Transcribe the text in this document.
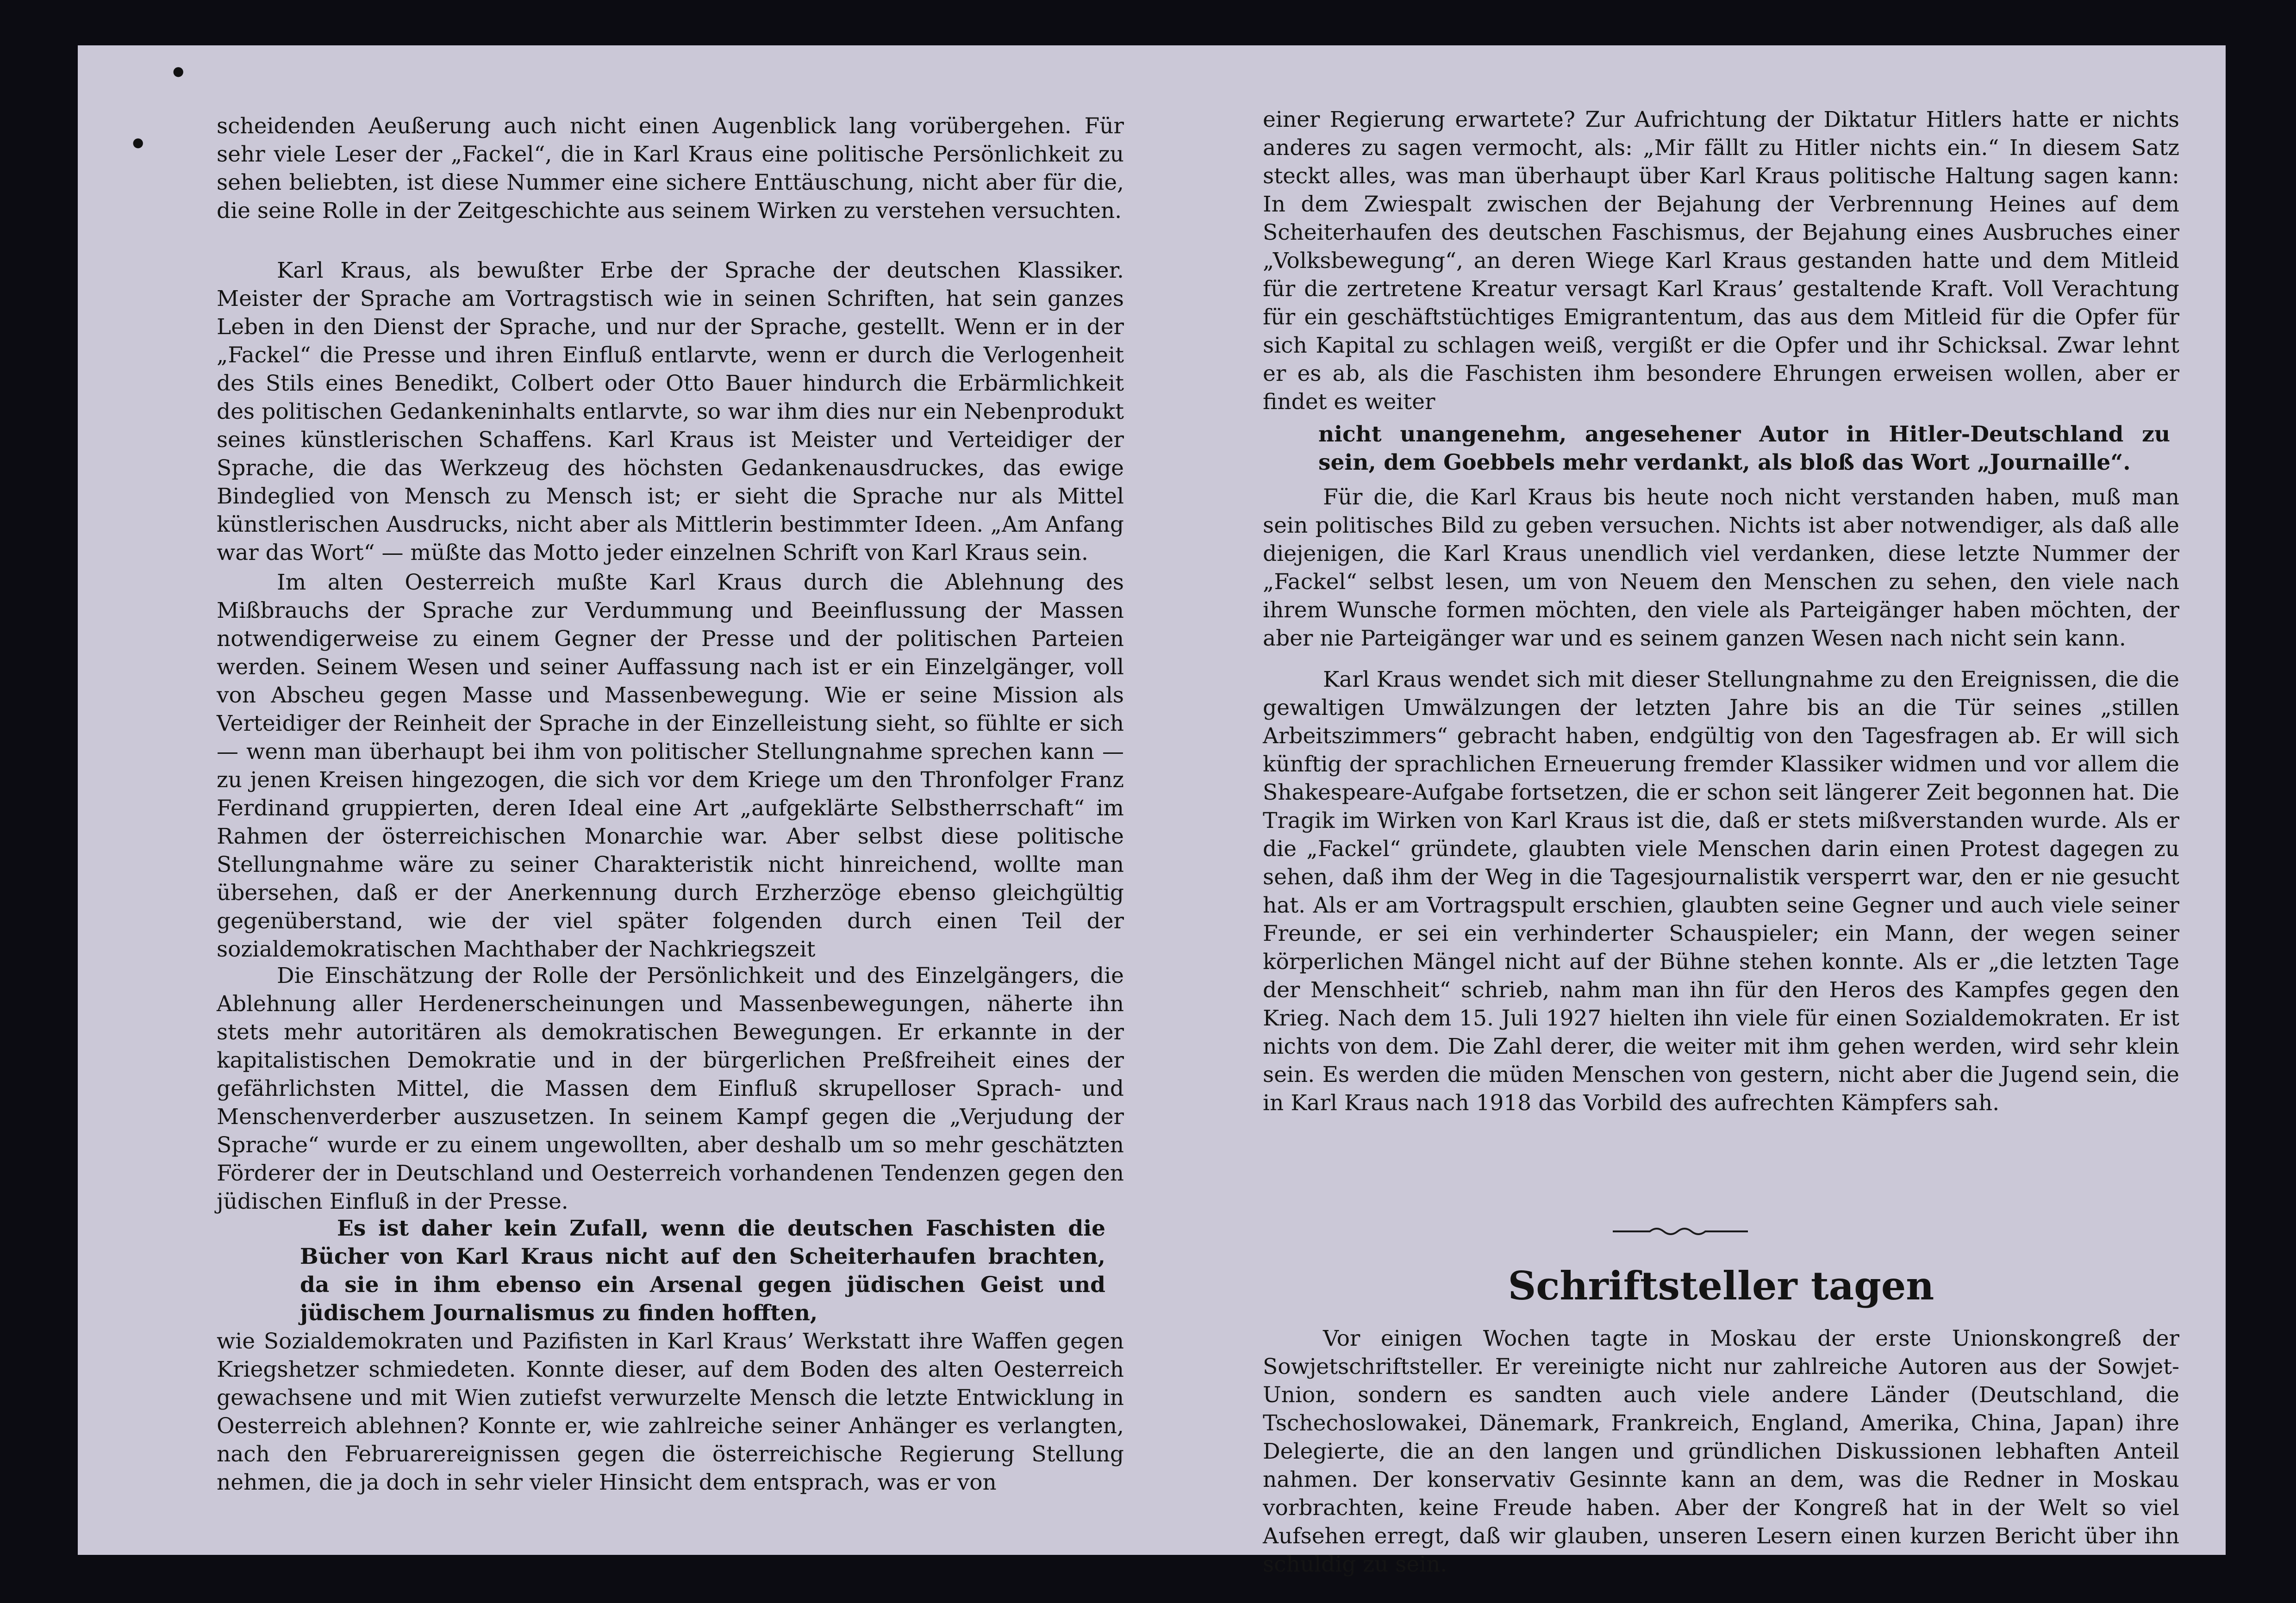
●
●

scheidenden Aeußerung auch nicht einen Augenblick lang vorübergehen. Für sehr viele Leser der „Fackel“, die in Karl Kraus eine politische Persönlichkeit zu sehen beliebten, ist diese Nummer eine sichere Enttäuschung, nicht aber für die, die seine Rolle in der Zeitgeschichte aus seinem Wirken zu verstehen versuchten.

Karl Kraus, als bewußter Erbe der Sprache der deutschen Klassiker. Meister der Sprache am Vortragstisch wie in seinen Schriften, hat sein ganzes Leben in den Dienst der Sprache, und nur der Sprache, gestellt. Wenn er in der „Fackel“ die Presse und ihren Einfluß entlarvte, wenn er durch die Verlogenheit des Stils eines Benedikt, Colbert oder Otto Bauer hindurch die Erbärmlichkeit des politischen Gedankeninhalts entlarvte, so war ihm dies nur ein Nebenprodukt seines künstlerischen Schaffens. Karl Kraus ist Meister und Verteidiger der Sprache, die das Werkzeug des höchsten Gedankenausdruckes, das ewige Bindeglied von Mensch zu Mensch ist; er sieht die Sprache nur als Mittel künstlerischen Ausdrucks, nicht aber als Mittlerin bestimmter Ideen. „Am Anfang war das Wort“ — müßte das Motto jeder einzelnen Schrift von Karl Kraus sein.

Im alten Oesterreich mußte Karl Kraus durch die Ablehnung des Mißbrauchs der Sprache zur Verdummung und Beeinflussung der Massen notwendigerweise zu einem Gegner der Presse und der politischen Parteien werden. Seinem Wesen und seiner Auffassung nach ist er ein Einzelgänger, voll von Abscheu gegen Masse und Massenbewegung. Wie er seine Mission als Verteidiger der Reinheit der Sprache in der Einzelleistung sieht, so fühlte er sich — wenn man überhaupt bei ihm von politischer Stellungnahme sprechen kann — zu jenen Kreisen hingezogen, die sich vor dem Kriege um den Thronfolger Franz Ferdinand gruppierten, deren Ideal eine Art „aufgeklärte Selbstherrschaft“ im Rahmen der österreichischen Monarchie war. Aber selbst diese politische Stellungnahme wäre zu seiner Charakteristik nicht hinreichend, wollte man übersehen, daß er der Anerkennung durch Erzherzöge ebenso gleichgültig gegenüberstand, wie der viel später folgenden durch einen Teil der sozialdemokratischen Machthaber der Nachkriegszeit

Die Einschätzung der Rolle der Persönlichkeit und des Einzelgängers, die Ablehnung aller Herdenerscheinungen und Massenbewegungen, näherte ihn stets mehr autoritären als demokratischen Bewegungen. Er erkannte in der kapitalistischen Demokratie und in der bürgerlichen Preßfreiheit eines der gefährlichsten Mittel, die Massen dem Einfluß skrupelloser Sprach- und Menschenverderber auszusetzen. In seinem Kampf gegen die „Verjudung der Sprache“ wurde er zu einem ungewollten, aber deshalb um so mehr geschätzten Förderer der in Deutschland und Oesterreich vorhandenen Tendenzen gegen den jüdischen Einfluß in der Presse.

Es ist daher kein Zufall, wenn die deutschen Faschisten die Bücher von Karl Kraus nicht auf den Scheiterhaufen brachten, da sie in ihm ebenso ein Arsenal gegen jüdischen Geist und jüdischem Journalismus zu finden hofften,

wie Sozialdemokraten und Pazifisten in Karl Kraus’ Werkstatt ihre Waffen gegen Kriegshetzer schmiedeten. Konnte dieser, auf dem Boden des alten Oesterreich gewachsene und mit Wien zutiefst verwurzelte Mensch die letzte Entwicklung in Oesterreich ablehnen? Konnte er, wie zahlreiche seiner Anhänger es verlangten, nach den Februarereignissen gegen die österreichische Regierung Stellung nehmen, die ja doch in sehr vieler Hinsicht dem entsprach, was er von

einer Regierung erwartete? Zur Aufrichtung der Diktatur Hitlers hatte er nichts anderes zu sagen vermocht, als: „Mir fällt zu Hitler nichts ein.“ In diesem Satz steckt alles, was man überhaupt über Karl Kraus politische Haltung sagen kann: In dem Zwiespalt zwischen der Bejahung der Verbrennung Heines auf dem Scheiterhaufen des deutschen Faschismus, der Bejahung eines Ausbruches einer „Volksbewegung“, an deren Wiege Karl Kraus gestanden hatte und dem Mitleid für die zertretene Kreatur versagt Karl Kraus’ gestaltende Kraft. Voll Verachtung für ein geschäftstüchtiges Emigrantentum, das aus dem Mitleid für die Opfer für sich Kapital zu schlagen weiß, vergißt er die Opfer und ihr Schicksal. Zwar lehnt er es ab, als die Faschisten ihm besondere Ehrungen erweisen wollen, aber er findet es weiter

nicht unangenehm, angesehener Autor in Hitler-Deutschland zu sein, dem Goebbels mehr verdankt, als bloß das Wort „Journaille“.

Für die, die Karl Kraus bis heute noch nicht verstanden haben, muß man sein politisches Bild zu geben versuchen. Nichts ist aber notwendiger, als daß alle diejenigen, die Karl Kraus unendlich viel verdanken, diese letzte Nummer der „Fackel“ selbst lesen, um von Neuem den Menschen zu sehen, den viele nach ihrem Wunsche formen möchten, den viele als Parteigänger haben möchten, der aber nie Parteigänger war und es seinem ganzen Wesen nach nicht sein kann.

Karl Kraus wendet sich mit dieser Stellungnahme zu den Ereignissen, die die gewaltigen Umwälzungen der letzten Jahre bis an die Tür seines „stillen Arbeitszimmers“ gebracht haben, endgültig von den Tagesfragen ab. Er will sich künftig der sprachlichen Erneuerung fremder Klassiker widmen und vor allem die Shakespeare-Aufgabe fortsetzen, die er schon seit längerer Zeit begonnen hat. Die Tragik im Wirken von Karl Kraus ist die, daß er stets mißverstanden wurde. Als er die „Fackel“ gründete, glaubten viele Menschen darin einen Protest dagegen zu sehen, daß ihm der Weg in die Tagesjournalistik versperrt war, den er nie gesucht hat. Als er am Vortragspult erschien, glaubten seine Gegner und auch viele seiner Freunde, er sei ein verhinderter Schauspieler; ein Mann, der wegen seiner körperlichen Mängel nicht auf der Bühne stehen konnte. Als er „die letzten Tage der Menschheit“ schrieb, nahm man ihn für den Heros des Kampfes gegen den Krieg. Nach dem 15. Juli 1927 hielten ihn viele für einen Sozialdemokraten. Er ist nichts von dem. Die Zahl derer, die weiter mit ihm gehen werden, wird sehr klein sein. Es werden die müden Menschen von gestern, nicht aber die Jugend sein, die in Karl Kraus nach 1918 das Vorbild des aufrechten Kämpfers sah.

Schriftsteller tagen

Vor einigen Wochen tagte in Moskau der erste Unionskongreß der Sowjetschriftsteller. Er vereinigte nicht nur zahlreiche Autoren aus der Sowjet-Union, sondern es sandten auch viele andere Länder (Deutschland, die Tschechoslowakei, Dänemark, Frankreich, England, Amerika, China, Japan) ihre Delegierte, die an den langen und gründlichen Diskussionen lebhaften Anteil nahmen. Der konservativ Gesinnte kann an dem, was die Redner in Moskau vorbrachten, keine Freude haben. Aber der Kongreß hat in der Welt so viel Aufsehen erregt, daß wir glauben, unseren Lesern einen kurzen Bericht über ihn schuldig zu sein.
